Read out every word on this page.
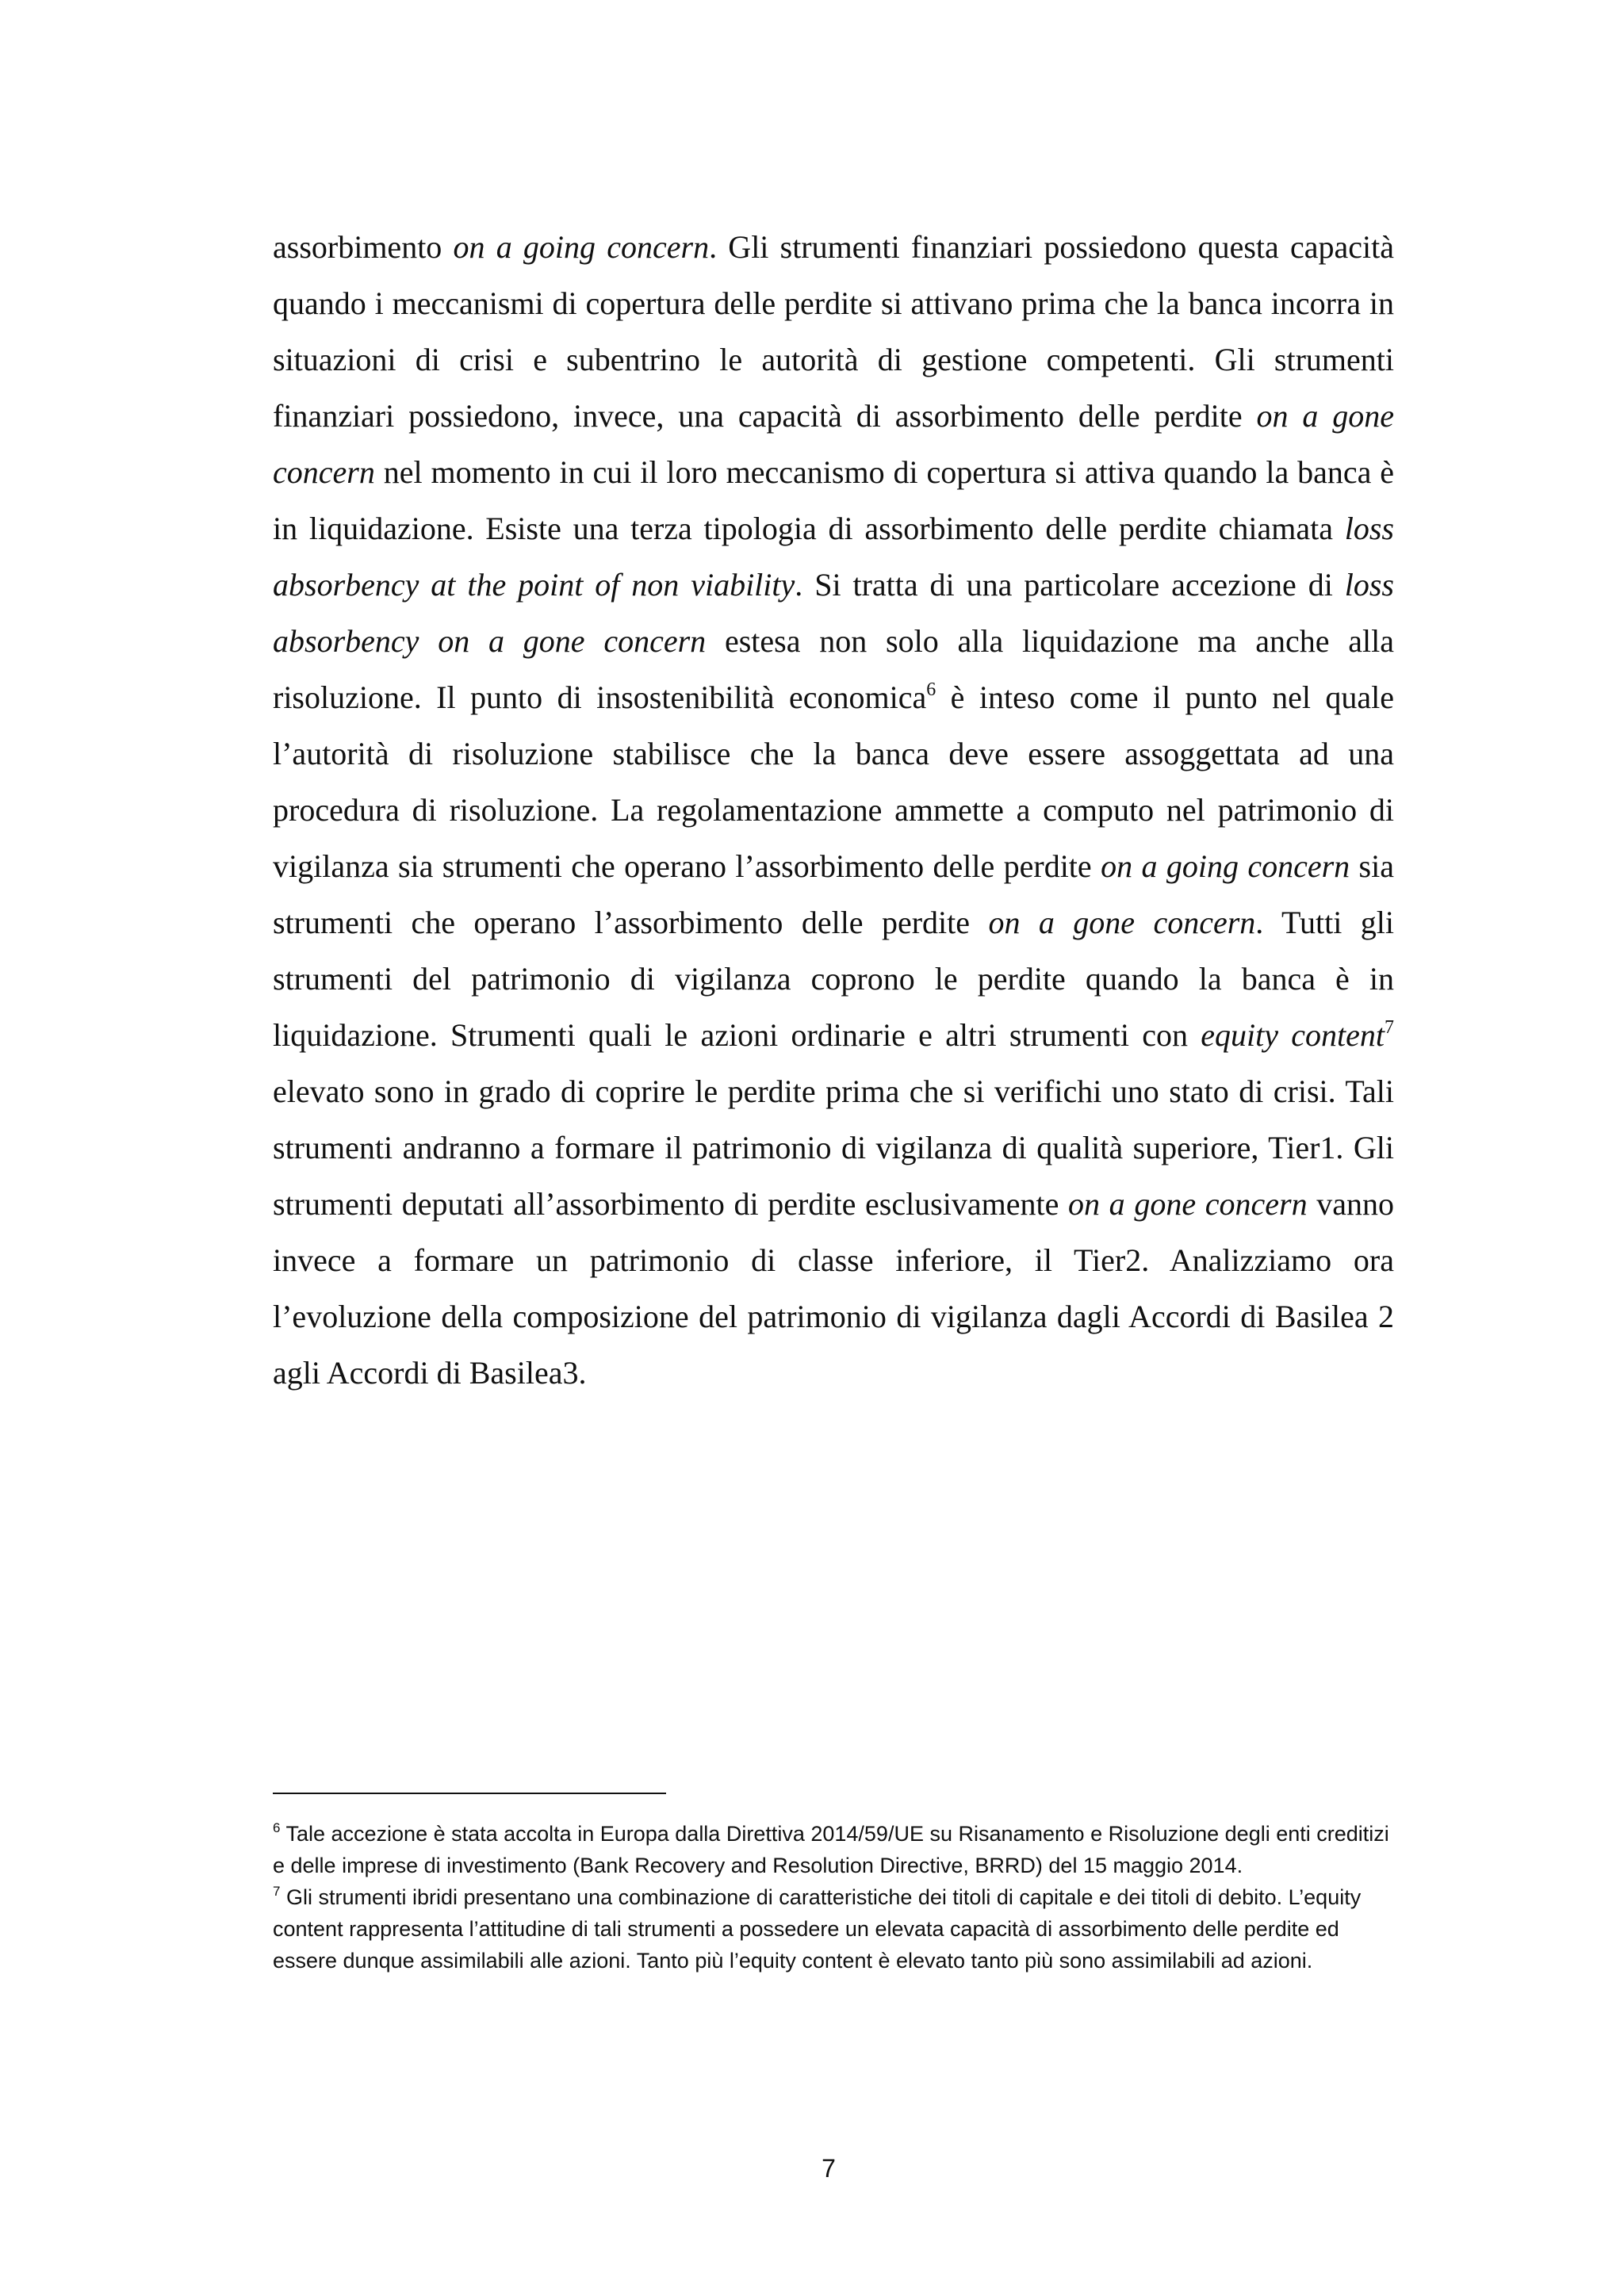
assorbimento on a going concern. Gli strumenti finanziari possiedono questa capacità quando i meccanismi di copertura delle perdite si attivano prima che la banca incorra in situazioni di crisi e subentrino le autorità di gestione competenti. Gli strumenti finanziari possiedono, invece, una capacità di assorbimento delle perdite on a gone concern nel momento in cui il loro meccanismo di copertura si attiva quando la banca è in liquidazione. Esiste una terza tipologia di assorbimento delle perdite chiamata loss absorbency at the point of non viability. Si tratta di una particolare accezione di loss absorbency on a gone concern estesa non solo alla liquidazione ma anche alla risoluzione. Il punto di insostenibilità economica$^6$ è inteso come il punto nel quale l’autorità di risoluzione stabilisce che la banca deve essere assoggettata ad una procedura di risoluzione. La regolamentazione ammette a computo nel patrimonio di vigilanza sia strumenti che operano l’assorbimento delle perdite on a going concern sia strumenti che operano l’assorbimento delle perdite on a gone concern. Tutti gli strumenti del patrimonio di vigilanza coprono le perdite quando la banca è in liquidazione. Strumenti quali le azioni ordinarie e altri strumenti con equity content$^7$ elevato sono in grado di coprire le perdite prima che si verifichi uno stato di crisi. Tali strumenti andranno a formare il patrimonio di vigilanza di qualità superiore, Tier1. Gli strumenti deputati all’assorbimento di perdite esclusivamente on a gone concern vanno invece a formare un patrimonio di classe inferiore, il Tier2. Analizziamo ora l’evoluzione della composizione del patrimonio di vigilanza dagli Accordi di Basilea 2 agli Accordi di Basilea3.

$^6$ Tale accezione è stata accolta in Europa dalla Direttiva 2014/59/UE su Risanamento e Risoluzione degli enti creditizi e delle imprese di investimento (Bank Recovery and Resolution Directive, BRRD) del 15 maggio 2014.

$^7$ Gli strumenti ibridi presentano una combinazione di caratteristiche dei titoli di capitale e dei titoli di debito. L’equity content rappresenta l’attitudine di tali strumenti a possedere un elevata capacità di assorbimento delle perdite ed essere dunque assimilabili alle azioni. Tanto più l’equity content è elevato tanto più sono assimilabili ad azioni.

7
